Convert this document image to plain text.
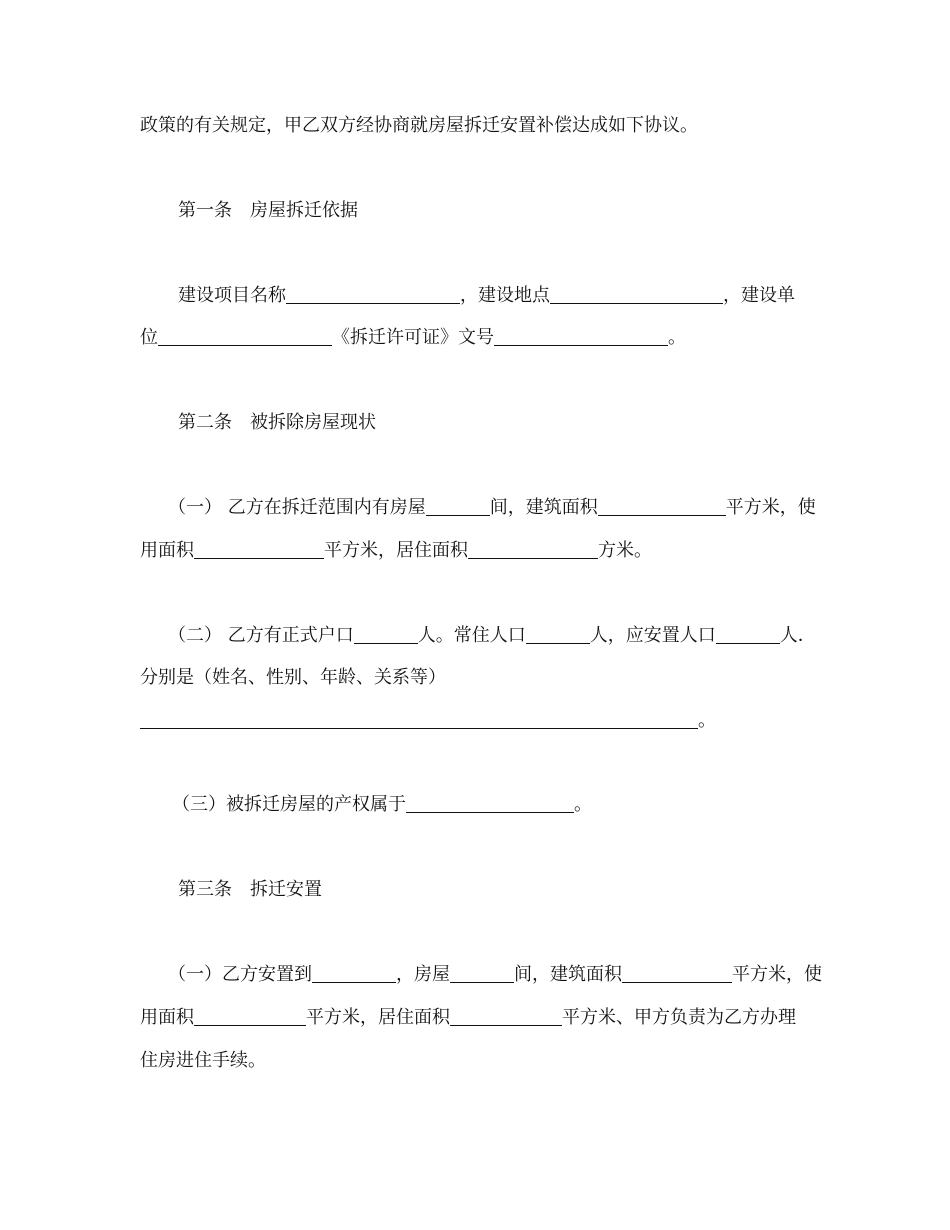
政策的有关规定，甲乙双方经协商就房屋拆迁安置补偿达成如下协议。
第一条 房屋拆迁依据
建设项目名称	，建设地点	，建设单
位	《拆迁许可证》文号	。
第二条 被拆除房屋现状
（一） 乙方在拆迁范围内有房屋	间，建筑面积	平方米，使
用面积	平方米，居住面积	方米。
（二） 乙方有正式户口	人。常住人口	人，应安置人口	人．
分别是（姓名、性别、年龄、关系等）
。
（三）被拆迁房屋的产权属于	。
第三条 拆迁安置
（一）乙方安置到	，房屋	间，建筑面积	平方米，使
用面积	平方米，居住面积	平方米、甲方负责为乙方办理
住房进住手续。
